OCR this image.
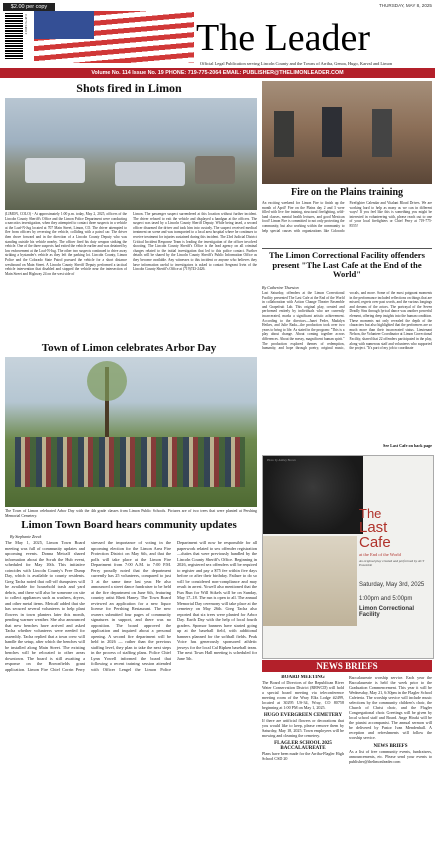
$2.00 per copy	THURSDAY, MAY 8, 2025
0 48776 54865 9	The Leader
Official Legal Publication serving Lincoln County and the Towns of Arriba, Genoa, Hugo, Karval and Limon
Volume No. 114 Issue No. 19 PHONE: 719-775-2064 EMAIL: PUBLISHER@THELIMONLEADER.COM
Shots fired in Limon
(LIMON, COLO) - At approximately 1:00 p.m. today, May 2, 2025, officers of the Lincoln County Sheriff's Office and the Limon Police Department were conducting a narcotics investigation, when they attempted to contact three suspects in a vehicle at the Loaf-N-Jug located at 707 Main Street, Limon, CO. The driver attempted to flee from officers by reversing the vehicle, colliding with a patrol car. The driver then drove forward and in the direction of a Lincoln County Deputy who was standing outside his vehicle nearby. The officer fired his duty weapon striking the vehicle. One of the three suspects had exited the vehicle earlier and was detained by law enforcement at the Loaf-N-Jug. The other two suspects continued to drive away striking a bystander's vehicle as they left the parking lot. Lincoln County, Limon Police and the Colorado State Patrol pursued the vehicle for a short distance westbound on Main Street. A Lincoln County Sheriff Deputy performed a tactical vehicle intervention that disabled and stopped the vehicle near the intersection of Main Street and Highway 24 on the west side of
Limon. The passenger suspect surrendered at this location without further incident. The driver refused to exit the vehicle and displayed a handgun at the officers. The suspect was tased by a Lincoln County Sheriff Deputy. While being tased, a second officer disarmed the driver and took him into custody. The suspect received medical treatment on scene and was transported to a local area hospital where he continues to receive treatment for injuries sustained during this incident. The 23rd Judicial District Critical Incident Response Team is leading the investigation of the officer involved shooting. The Lincoln County Sheriff's Office is the lead agency on all criminal charges related to the initial investigation that led to this police contact. Further details will be shared by the Lincoln County Sheriff's Public Information Office as they become available. Any witnesses to this incident or anyone who believes they have information useful to investigators is asked to contact Sergeant Irvin of the Lincoln County Sheriff's Office at (719)743-2426.
Fire on the Plains training
An exciting weekend for Limon Fire to finish up the month of April! Fire on the Plains day 2 and 3 were filled with live fire training, structural firefighting, wild-land classes, mental health lectures, and good Mexican food! Limon Fire is committed to not only protecting the community, but also working within the community to help special causes with organizations like Colorado Firefighter Calendar and Vitalant Blood Drives. We are working hard to help as many as we can in different ways! If you feel like this is something you might be interested in volunteering with, please reach out to one of your local firefighters or Chief Perry at 719-775-8555!
The Limon Correctional Facility offenders present "The Last Cafe at the End of the World"
By Catherine Thurston
Last Saturday, offenders at the Limon Correctional Facility presented The Last Cafe at the End of the World in collaboration with Action Change Theater Ensemble and Grapefruit Lab. This original play, created and performed entirely by individuals who are currently incarcerated, marks a significant artistic achievement. According to the directors—Janet Feder, Madalyn Heikes, and Julie Rada—the production took over two years to bring to life. As stated in the program: "This is a play about change. About coming together across differences. About the messy, magnificent human spirit." The production explored themes of redemption, humanity, and hope through poetry, original music, vocals, and more. Some of the most poignant moments in the performance included reflections on things that are missed, regrets over past words, and the various longings and dreams of the actors. The portrayal of the Seven Deadly Sins through lyrical dance was another powerful element, offering deep insights into the human condition. These moments not only revealed the depth of the characters but also highlighted that the performers are so much more than their incarcerated status. Lieutenant Nelson, the Volunteer Coordinator at Limon Correctional Facility, shared that 22 offenders participated in the play, along with numerous staff and volunteers who supported the project. "It's part of my job to coordinate
See Last Cafe on back page
Town of Limon celebrates Arbor Day
The Town of Limon celebrated Arbor Day with the 4th grade classes from Limon Public Schools. Pictures are of two trees that were planted at Pershing Memorial Cemetery.
Photo by Ashley Brown
The
Last
Cafe
at the End of the World
An original play created and performed by ACT Ensemble
Saturday, May 3rd, 2025
1:00pm and 5:00pm
Limon Correctional Facility
Limon Town Board hears community updates
By Stephanie Zeeck
The May 1, 2025, Limon Town Board meeting was full of community updates and upcoming events. Donna Metcalf shared information about the Scrub the Hub event, scheduled for May 10th. This initiative coincides with Lincoln County's Free Dump Day, which is available to county residents. Greg Tacha noted that roll-off dumpsters will be available for household trash and yard debris, and there will also be someone on site to collect appliances such as washers, dryers, and other metal items. Metcalf added that she has secured several volunteers to help plant flowers in town planters later this month, pending warmer weather. She also announced that new benches have arrived and asked Tacha whether volunteers were needed for assembly. Tacha replied that a town crew will handle the setup, after which the benches will be installed along Main Street. The existing benches will be relocated to other areas downtown. The board is still awaiting a response on the Brownfields grant application. Limon Fire Chief Corrin Perry stressed the importance of voting in the upcoming election for the Limon Area Fire Protection District on May 6th, and that the polls will take place at the Limon Fire Department from 7:00 A.M. to 7:00 P.M. Perry proudly noted that the department currently has 25 volunteers, compared to just 3 at the same time last year. He also announced a street dance fundraiser to be held at the fire department on June 6th, featuring country artist Rhett Haney. The Town Board reviewed an application for a new liquor license for Pershing Restaurant. The new owners submitted four pages of community signatures in support, and there was no opposition. The board approved the application and inquired about a personal opening. A second fire department will be held in 2026 — rather than the previous staffing level, they plan to take the next steps in the process of staffing plans. Police Chief Lynn Yowell informed the board that following a recent training session attended with Officer Lengel the Limon Police Department will now be responsible for all paperwork related to sex offender registration—duties that were previously handled by the Lincoln County Sheriff's Office. Beginning in 2026, registered sex offenders will be required to register and pay a $75 fee within five days before or after their birthday. Failure to do so will be considered non-compliance and may result in arrest. Yowell also mentioned that the Fun Run for Will Stikels will be on Sunday, May 17–18. The run is open to all. The annual Memorial Day ceremony will take place at the cemetery on May 26th. Greg Tacha also reported that six trees were planted for Arbor Day. Earth Day with the help of local fourth graders. Sponsor banners have started going up at the baseball field, with additional banners planned for the softball fields. Peak Voice has generously sponsored athletic jerseys for the local Cal Ripken baseball team. The next Town Hall meeting is scheduled for June 5th.
NEWS BRIEFS
BOARD MEETING
The Board of Directors of the Republican River Water Conservation District (RRWCD) will hold a special board meeting via teleconference meeting room of the Wray Elks Lodge #2499, located at 30295 US-34, Wray, CO 80758 beginning at 1:00 PM on May 1, 2025.
HUGO EVERGREEN CEMETERY
If there are artificial flowers or decorations that you would like to keep, please remove them by Saturday, May 18, 2025. Town employees will be mowing and cleaning the cemetery.
FLAGLER SCHOOL 2025 BACCALAUREATE
Plans have been made for the Arriba-Flagler High School CSD 20
Baccalaureate worship service. Each year the Baccalaureate is held the week prior to the Graduation Commencement. This year it will be Wednesday, May 21, 6:30pm in the Flagler School Cafeteria. The worship service will include music selections by the community children's choir, the Church of Christ choir, and the Flagler Congregational choir. Greetings will be given by local school staff and Board. Ange Hiraki will be the pianist accompanist. The annual sermon will be delivered by Pastor Ivan Mendenhall. A reception and refreshments will follow the worship service.
NEWS BRIEFS
As a list of free community events, fundraisers, announcements, etc. Please send your events to publisher@thelimonleader.com
